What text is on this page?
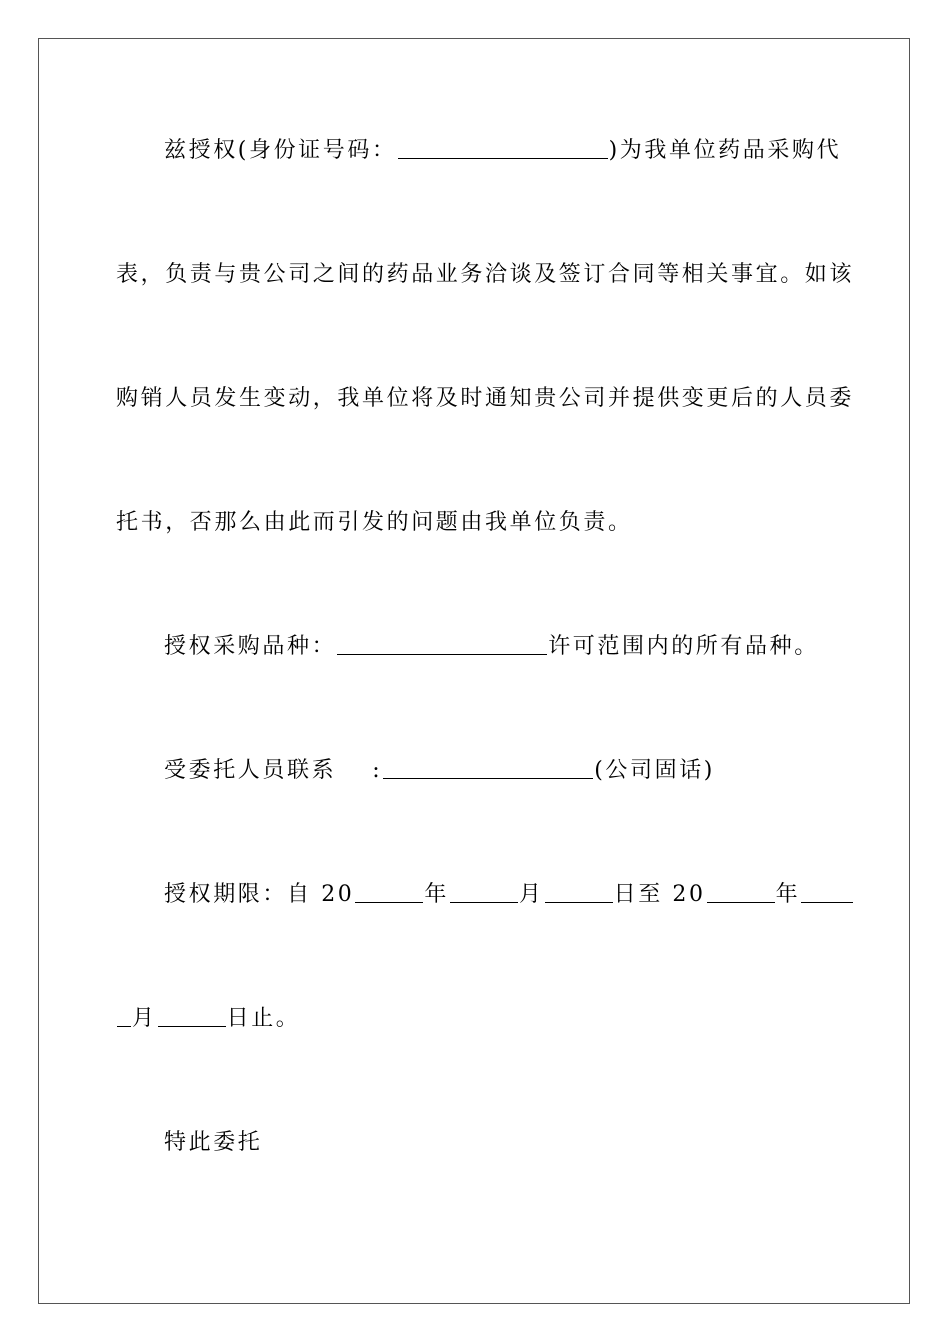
兹授权(身份证号码：	)为我单位药品采购代
表，负责与贵公司之间的药品业务洽谈及签订合同等相关事宜。如该
购销人员发生变动，我单位将及时通知贵公司并提供变更后的人员委
托书，否那么由此而引发的问题由我单位负责。
授权采购品种：	许可范围内的所有品种。
受委托人员联系 :	(公司固话)
授权期限：自 20	年	月	日至 20	年
月	日止。
特此委托
